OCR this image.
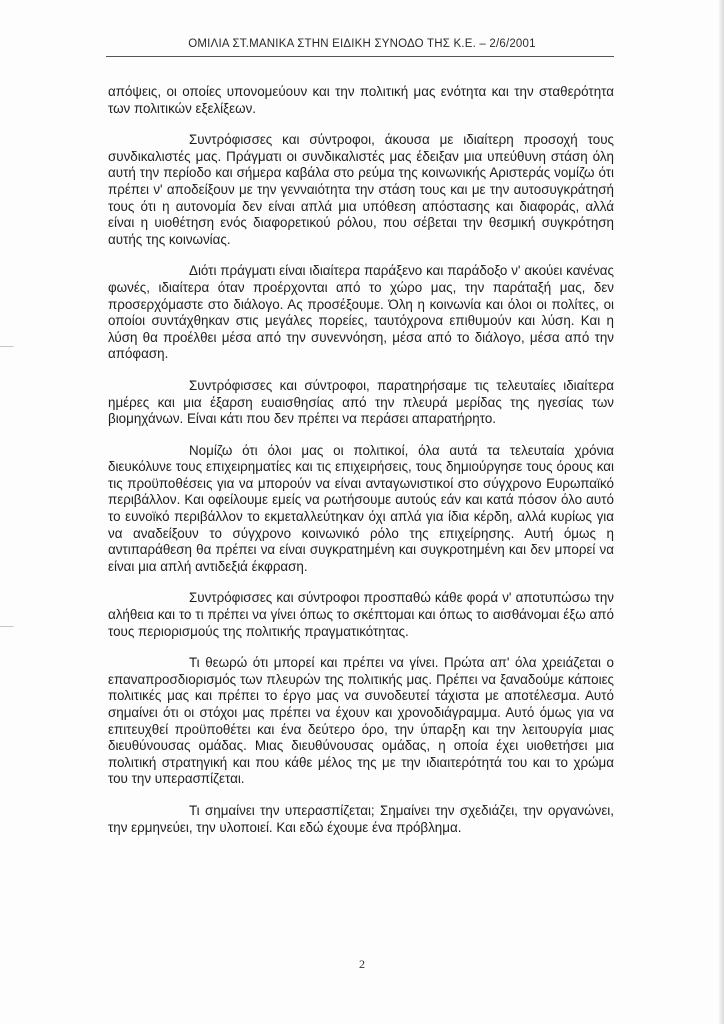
ΟΜΙΛΙΑ ΣΤ.ΜΑΝΙΚΑ ΣΤΗΝ ΕΙΔΙΚΗ ΣΥΝΟΔΟ ΤΗΣ Κ.Ε. – 2/6/2001

απόψεις, οι οποίες υπονομεύουν και την πολιτική μας ενότητα και την σταθερότητα των πολιτικών εξελίξεων.

Συντρόφισσες και σύντροφοι, άκουσα με ιδιαίτερη προσοχή τους συνδικαλιστές μας. Πράγματι οι συνδικαλιστές μας έδειξαν μια υπεύθυνη στάση όλη αυτή την περίοδο και σήμερα καβάλα στο ρεύμα της κοινωνικής Αριστεράς νομίζω ότι πρέπει ν' αποδείξουν με την γενναιότητα την στάση τους και με την αυτοσυγκράτησή τους ότι η αυτονομία δεν είναι απλά μια υπόθεση απόστασης και διαφοράς, αλλά είναι η υιοθέτηση ενός διαφορετικού ρόλου, που σέβεται την θεσμική συγκρότηση αυτής της κοινωνίας.

Διότι πράγματι είναι ιδιαίτερα παράξενο και παράδοξο ν' ακούει κανένας φωνές, ιδιαίτερα όταν προέρχονται από το χώρο μας, την παράταξή μας, δεν προσερχόμαστε στο διάλογο. Ας προσέξουμε. Όλη η κοινωνία και όλοι οι πολίτες, οι οποίοι συντάχθηκαν στις μεγάλες πορείες, ταυτόχρονα επιθυμούν και λύση. Και η λύση θα προέλθει μέσα από την συνεννόηση, μέσα από το διάλογο, μέσα από την απόφαση.

Συντρόφισσες και σύντροφοι, παρατηρήσαμε τις τελευταίες ιδιαίτερα ημέρες και μια έξαρση ευαισθησίας από την πλευρά μερίδας της ηγεσίας των βιομηχάνων. Είναι κάτι που δεν πρέπει να περάσει απαρατήρητο.

Νομίζω ότι όλοι μας οι πολιτικοί, όλα αυτά τα τελευταία χρόνια διευκόλυνε τους επιχειρηματίες και τις επιχειρήσεις, τους δημιούργησε τους όρους και τις προϋποθέσεις για να μπορούν να είναι ανταγωνιστικοί στο σύγχρονο Ευρωπαϊκό περιβάλλον. Και οφείλουμε εμείς να ρωτήσουμε αυτούς εάν και κατά πόσον όλο αυτό το ευνοϊκό περιβάλλον το εκμεταλλεύτηκαν όχι απλά για ίδια κέρδη, αλλά κυρίως για να αναδείξουν το σύγχρονο κοινωνικό ρόλο της επιχείρησης. Αυτή όμως η αντιπαράθεση θα πρέπει να είναι συγκρατημένη και συγκροτημένη και δεν μπορεί να είναι μια απλή αντιδεξιά έκφραση.

Συντρόφισσες και σύντροφοι προσπαθώ κάθε φορά ν' αποτυπώσω την αλήθεια και το τι πρέπει να γίνει όπως το σκέπτομαι και όπως το αισθάνομαι έξω από τους περιορισμούς της πολιτικής πραγματικότητας.

Τι θεωρώ ότι μπορεί και πρέπει να γίνει. Πρώτα απ' όλα χρειάζεται ο επαναπροσδιορισμός των πλευρών της πολιτικής μας. Πρέπει να ξαναδούμε κάποιες πολιτικές μας και πρέπει το έργο μας να συνοδευτεί τάχιστα με αποτέλεσμα. Αυτό σημαίνει ότι οι στόχοι μας πρέπει να έχουν και χρονοδιάγραμμα. Αυτό όμως για να επιτευχθεί προϋποθέτει και ένα δεύτερο όρο, την ύπαρξη και την λειτουργία μιας διευθύνουσας ομάδας. Μιας διευθύνουσας ομάδας, η οποία έχει υιοθετήσει μια πολιτική στρατηγική και που κάθε μέλος της με την ιδιαιτερότητά του και το χρώμα του την υπερασπίζεται.

Τι σημαίνει την υπερασπίζεται; Σημαίνει την σχεδιάζει, την οργανώνει, την ερμηνεύει, την υλοποιεί. Και εδώ έχουμε ένα πρόβλημα.

2
